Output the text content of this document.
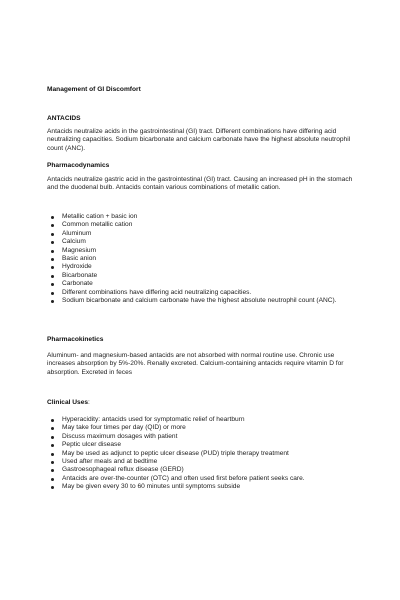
Management of GI Discomfort
ANTACIDS

Antacids neutralize acids in the gastrointestinal (GI) tract. Different combinations have differing acid neutralizing capacities. Sodium bicarbonate and calcium carbonate have the highest absolute neutrophil count (ANC).

Pharmacodynamics

Antacids neutralize gastric acid in the gastrointestinal (GI) tract. Causing an increased pH in the stomach and the duodenal bulb. Antacids contain various combinations of metallic cation.

Metallic cation + basic ion
Common metallic cation
Aluminum
Calcium
Magnesium
Basic anion
Hydroxide
Bicarbonate
Carbonate
Different combinations have differing acid neutralizing capacities.
Sodium bicarbonate and calcium carbonate have the highest absolute neutrophil count (ANC).
Pharmacokinetics

Aluminum- and magnesium-based antacids are not absorbed with normal routine use. Chronic use increases absorption by 5%-20%. Renally excreted. Calcium-containing antacids require vitamin D for absorption. Excreted in feces

Clinical Uses:
Hyperacidity: antacids used for symptomatic relief of heartburn
May take four times per day (QID) or more
Discuss maximum dosages with patient
Peptic ulcer disease
May be used as adjunct to peptic ulcer disease (PUD) triple therapy treatment
Used after meals and at bedtime
Gastroesophageal reflux disease (GERD)
Antacids are over-the-counter (OTC) and often used first before patient seeks care.
May be given every 30 to 60 minutes until symptoms subside
